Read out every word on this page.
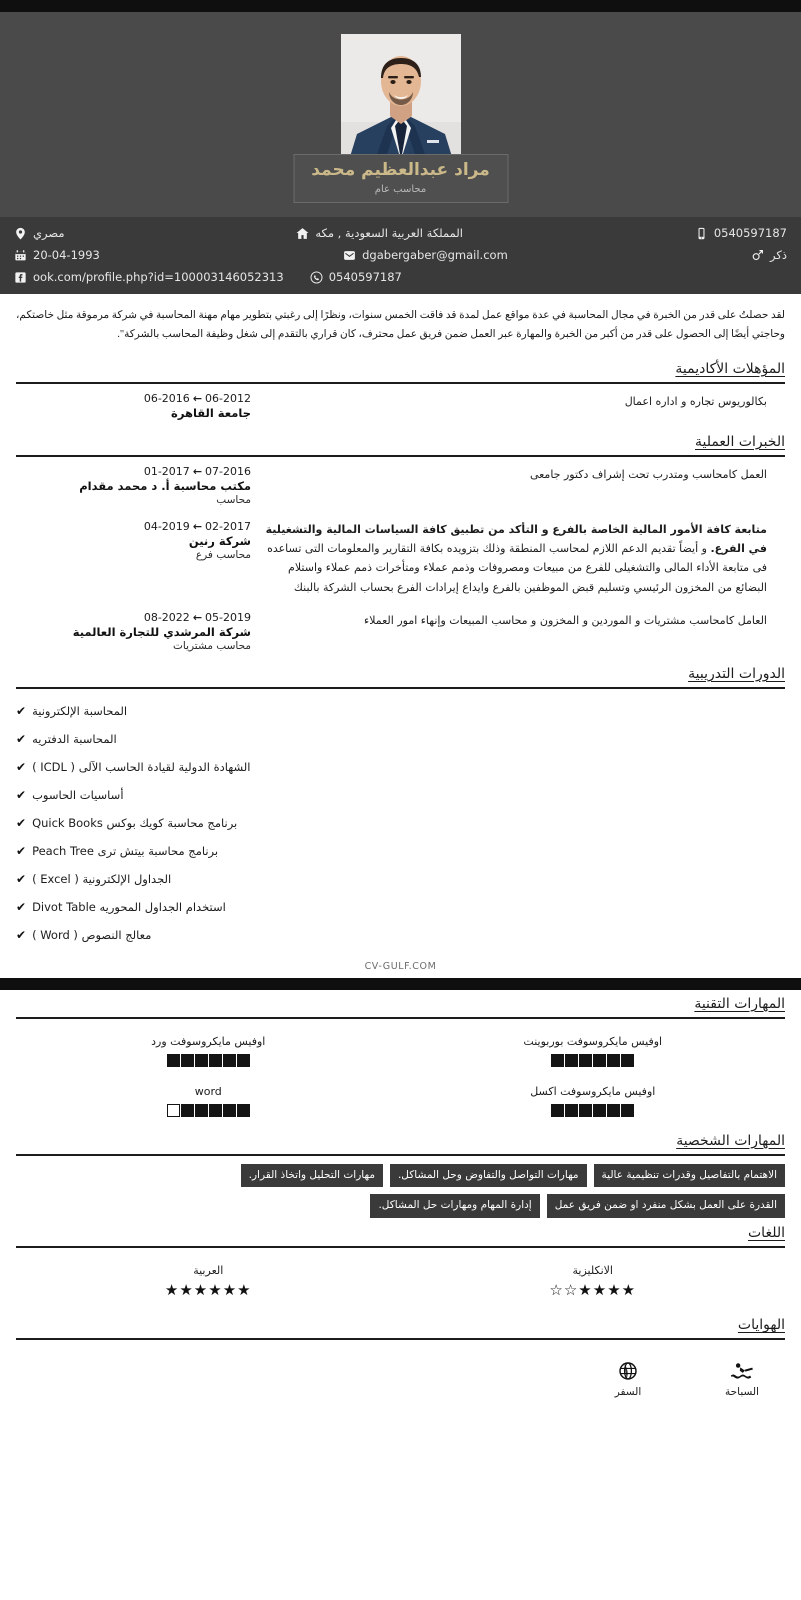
مراد عبدالعظيم محمد
محاسب عام
0540597187
المملكة العربية السعودية , مكه
مصري
ذكر
dgabergaber@gmail.com
20-04-1993
0540597187
ook.com/profile.php?id=100003146052313
لقد حصلتُ على قدر من الخبرة في مجال المحاسبة في عدة مواقع عمل لمدة قد فاقت الخمس سنوات، ونظرًا إلى رغبتي بتطوير مهام مهنة المحاسبة في شركة مرموقة مثل خاصتكم، وحاجتي أيضًا إلى الحصول على قدر من أكبر من الخبرة والمهارة عبر العمل ضمن فريق عمل محترف، كان قراري بالتقدم إلى شغل وظيفة المحاسب بالشركة".
المؤهلات الأكاديمية
06-2016 ← 06-2012
جامعة القاهرة
بكالوريوس تجاره و اداره اعمال
الخبرات العملية
01-2017 ← 07-2016
مكتب محاسبة أ. د محمد مقدام
محاسب
العمل كامحاسب ومتدرب تحت إشراف دكتور جامعى
04-2019 ← 02-2017
شركة رنين
محاسب فرع
متابعة كافة الأمور المالية الخاصة بالفرع و التأكد من تطبيق كافة السياسات المالية والتشغيلية في الفرع. و أيضاً تقديم الدعم اللازم لمحاسب المنطقة وذلك بتزويده بكافة التقارير والمعلومات التى تساعده فى متابعة الأداء المالى والتشغيلى للفرع من مبيعات ومصروفات وذمم عملاء ومتأخرات ذمم عملاء واستلام البضائع من المخزون الرئيسي وتسليم قبض الموظفين بالفرع وايداع إيرادات الفرع بحساب الشركة بالبنك
08-2022 ← 05-2019
شركة المرشدي للتجارة العالمية
محاسب مشتريات
العامل كامحاسب مشتريات و الموردين و المخزون و محاسب المبيعات وإنهاء امور العملاء
الدورات التدريبية
المحاسبة الإلكترونية
✔
المحاسبة الدفتريه
✔
الشهادة الدولية لقيادة الحاسب الآلى ( ICDL )
✔
أساسيات الحاسوب
✔
برنامج محاسبة كويك بوكس Quick Books
✔
برنامج محاسبة بيتش ترى Peach Tree
✔
الجداول الإلكترونية ( Excel )
✔
استخدام الجداول المحوريه Divot Table
✔
معالج النصوص ( Word )
✔
CV-GULF.COM
المهارات التقنية
اوفيس مايكروسوفت بوربوينت
اوفيس مايكروسوفت ورد
اوفيس مايكروسوفت اكسل
word
المهارات الشخصية
الاهتمام بالتفاصيل وقدرات تنظيمية عالية
مهارات التواصل والتفاوض وحل المشاكل.
مهارات التحليل واتخاذ القرار.
القدرة على العمل بشكل منفرد او ضمن فريق عمل
إدارة المهام ومهارات حل المشاكل.
اللغات
الانكليزية
☆☆★★★★
العربية
★★★★★★
الهوايات
السباحة
السفر
